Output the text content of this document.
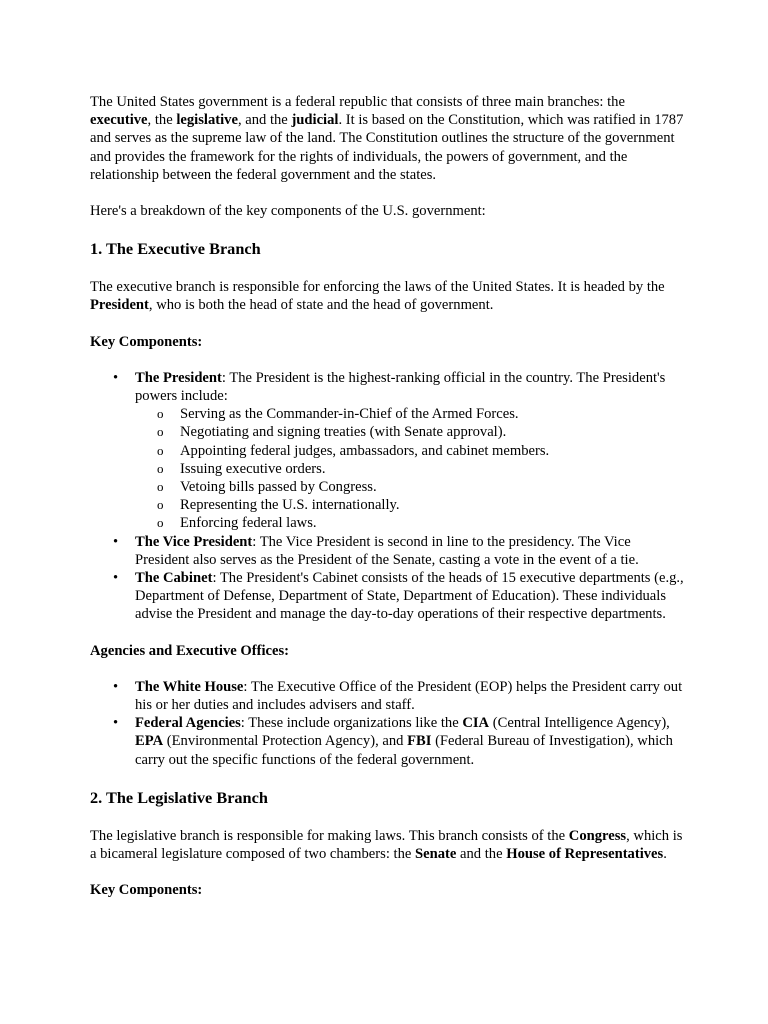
The United States government is a federal republic that consists of three main branches: the executive, the legislative, and the judicial. It is based on the Constitution, which was ratified in 1787 and serves as the supreme law of the land. The Constitution outlines the structure of the government and provides the framework for the rights of individuals, the powers of government, and the relationship between the federal government and the states.

Here's a breakdown of the key components of the U.S. government:

1. The Executive Branch

The executive branch is responsible for enforcing the laws of the United States. It is headed by the President, who is both the head of state and the head of government.

Key Components:
• The President: The President is the highest-ranking official in the country. The President's powers include:
o Serving as the Commander-in-Chief of the Armed Forces.
o Negotiating and signing treaties (with Senate approval).
o Appointing federal judges, ambassadors, and cabinet members.
o Issuing executive orders.
o Vetoing bills passed by Congress.
o Representing the U.S. internationally.
o Enforcing federal laws.
• The Vice President: The Vice President is second in line to the presidency. The Vice President also serves as the President of the Senate, casting a vote in the event of a tie.
• The Cabinet: The President's Cabinet consists of the heads of 15 executive departments (e.g., Department of Defense, Department of State, Department of Education). These individuals advise the President and manage the day-to-day operations of their respective departments.
Agencies and Executive Offices:
• The White House: The Executive Office of the President (EOP) helps the President carry out his or her duties and includes advisers and staff.
• Federal Agencies: These include organizations like the CIA (Central Intelligence Agency), EPA (Environmental Protection Agency), and FBI (Federal Bureau of Investigation), which carry out the specific functions of the federal government.
2. The Legislative Branch

The legislative branch is responsible for making laws. This branch consists of the Congress, which is a bicameral legislature composed of two chambers: the Senate and the House of Representatives.

Key Components:
